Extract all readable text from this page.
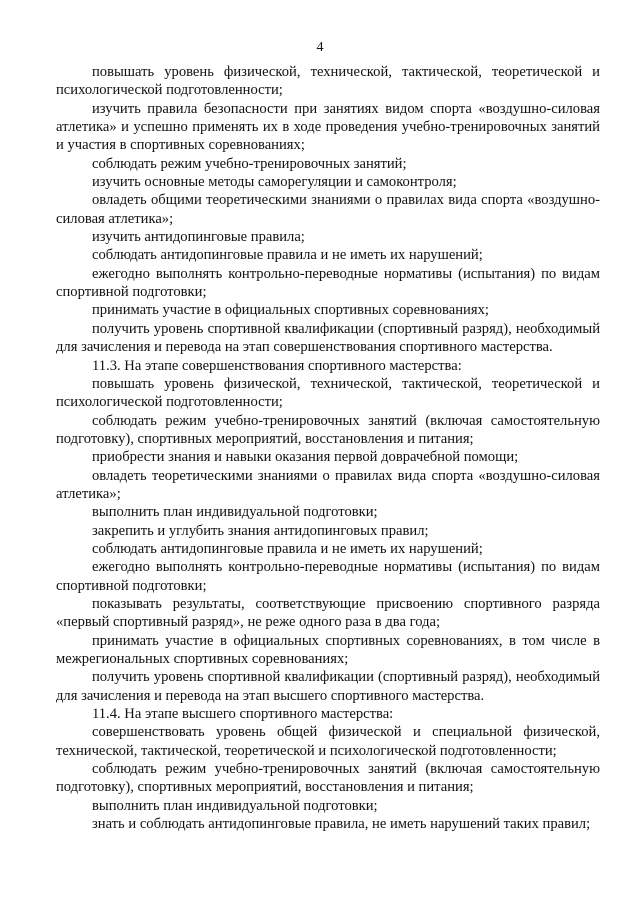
4

повышать уровень физической, технической, тактической, теоретической и психологической подготовленности;

изучить правила безопасности при занятиях видом спорта «воздушно-силовая атлетика» и успешно применять их в ходе проведения учебно-тренировочных занятий и участия в спортивных соревнованиях;

соблюдать режим учебно-тренировочных занятий;

изучить основные методы саморегуляции и самоконтроля;

овладеть общими теоретическими знаниями о правилах вида спорта «воздушно-силовая атлетика»;

изучить антидопинговые правила;

соблюдать антидопинговые правила и не иметь их нарушений;

ежегодно выполнять контрольно-переводные нормативы (испытания) по видам спортивной подготовки;

принимать участие в официальных спортивных соревнованиях;

получить уровень спортивной квалификации (спортивный разряд), необходимый для зачисления и перевода на этап совершенствования спортивного мастерства.

11.3. На этапе совершенствования спортивного мастерства:

повышать уровень физической, технической, тактической, теоретической и психологической подготовленности;

соблюдать режим учебно-тренировочных занятий (включая самостоятельную подготовку), спортивных мероприятий, восстановления и питания;

приобрести знания и навыки оказания первой доврачебной помощи;

овладеть теоретическими знаниями о правилах вида спорта «воздушно-силовая атлетика»;

выполнить план индивидуальной подготовки;

закрепить и углубить знания антидопинговых правил;

соблюдать антидопинговые правила и не иметь их нарушений;

ежегодно выполнять контрольно-переводные нормативы (испытания) по видам спортивной подготовки;

показывать результаты, соответствующие присвоению спортивного разряда «первый спортивный разряд», не реже одного раза в два года;

принимать участие в официальных спортивных соревнованиях, в том числе в межрегиональных спортивных соревнованиях;

получить уровень спортивной квалификации (спортивный разряд), необходимый для зачисления и перевода на этап высшего спортивного мастерства.

11.4. На этапе высшего спортивного мастерства:

совершенствовать уровень общей физической и специальной физической, технической, тактической, теоретической и психологической подготовленности;

соблюдать режим учебно-тренировочных занятий (включая самостоятельную подготовку), спортивных мероприятий, восстановления и питания;

выполнить план индивидуальной подготовки;

знать и соблюдать антидопинговые правила, не иметь нарушений таких правил;
